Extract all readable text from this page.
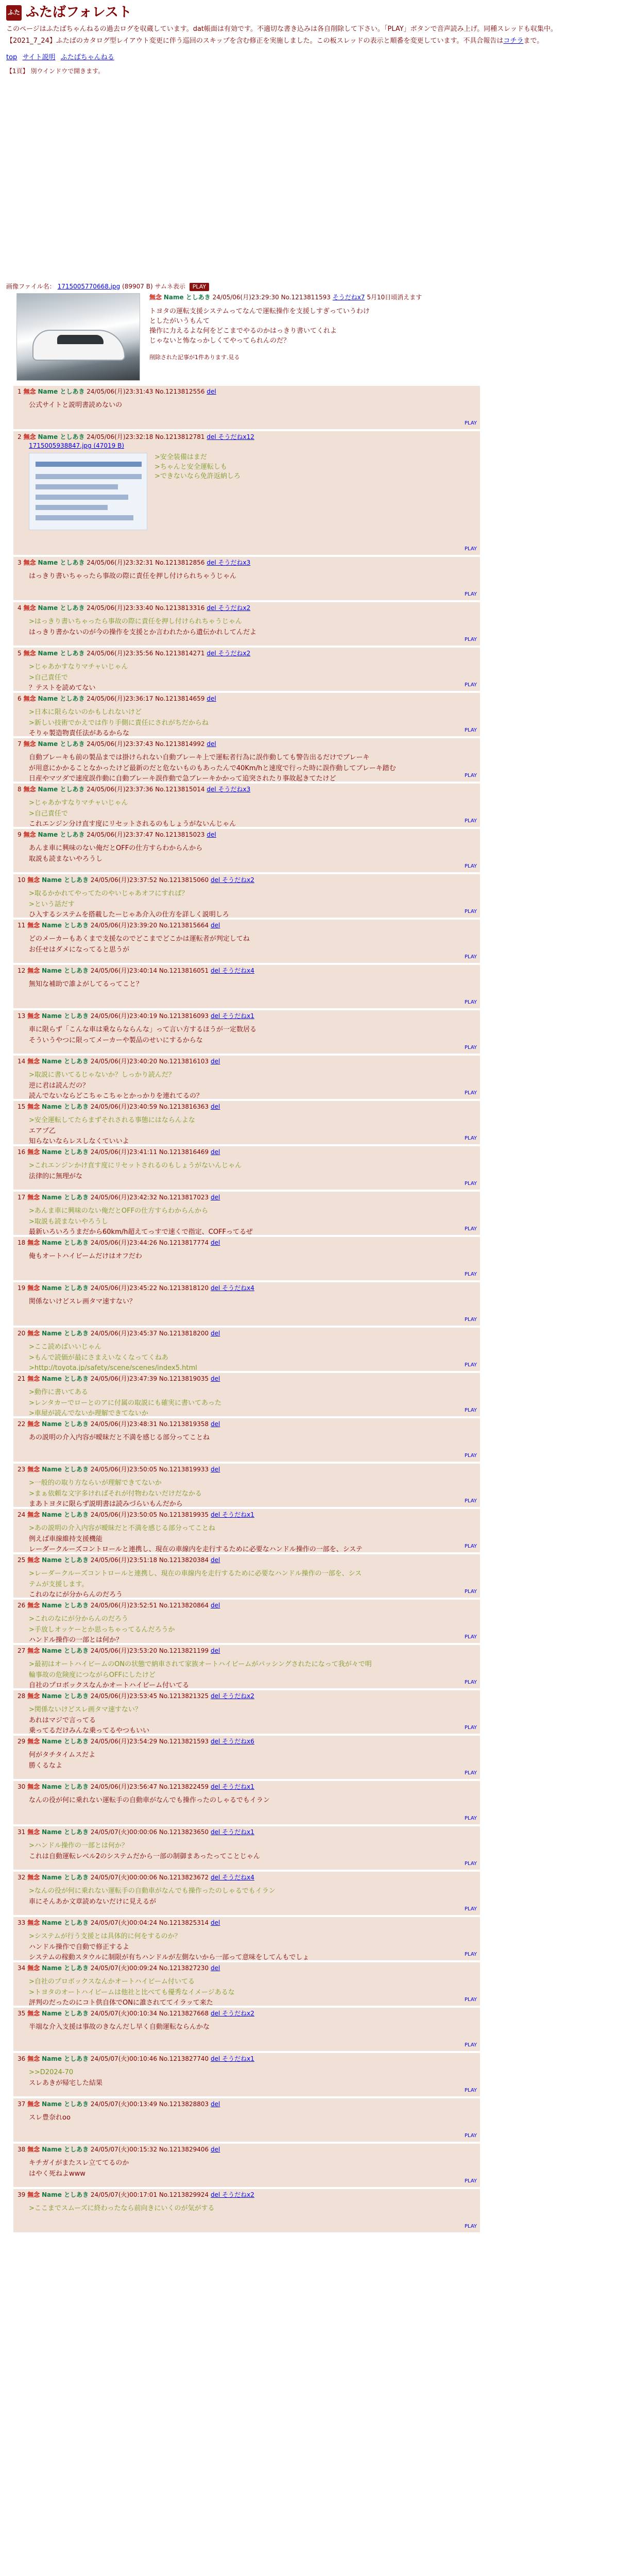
ふた ふたばフォレスト

このページはふたばちゃんねるの過去ログを収蔵しています。dat帳面は有効です。不適切な書き込みは各自削除して下さい。「PLAY」ボタンで音声読み上げ。同種スレッドも収集中。

【2021_7_24】ふたばのカタログ型レイアウト変更に伴う巡回のスキップを含む修正を実施しました。この板スレッドの表示と順番を変更しています。不具合報告はコチラまで。

top サイト説明 ふたばちゃんねる
【1頁】 別ウインドウで開きます。
画像ファイル名： 1715005770668.jpg (89907 B) サムネ表示 PLAY
無念 Name としあき 24/05/06(月)23:29:30 No.1213811593 そうだねx7 5月10日頃消えます

トヨタの運転支援システムってなんで運転操作を支援しすぎっていうわけ

としたがいうもんて

操作に力えるよな何をどこまでやるのかはっきり書いてくれよ

じゃないと怖なっかしくてやってられんのだ？

削除された記事が1件あります.見る
1 無念 Name としあき 24/05/06(月)23:31:43 No.1213812556 del

公式サイトと説明書読めないの

PLAY
2 無念 Name としあき 24/05/06(月)23:32:18 No.1213812781 del そうだねx12
1715005938847.jpg (47019 B)

>安全装備はまだ

>ちゃんと安全運転しも

>できないなら免許返納しろ

PLAY
3 無念 Name としあき 24/05/06(月)23:32:31 No.1213812856 del そうだねx3

はっきり書いちゃったら事故の際に責任を押し付けられちゃうじゃん

PLAY
4 無念 Name としあき 24/05/06(月)23:33:40 No.1213813316 del そうだねx2

>はっきり書いちゃったら事故の際に責任を押し付けられちゃうじゃん

はっきり書かないのが今の操作を支援とか言われたから遺伝かれしてんだよ

PLAY
5 無念 Name としあき 24/05/06(月)23:35:56 No.1213814271 del そうだねx2

>じゃあかすなりマチャいじゃん

>自己責任で

？テストを読めてない	PLAY
6 無念 Name としあき 24/05/06(月)23:36:17 No.1213814659 del

>日本に限らないのかもしれないけど

>新しい技術でかえでは作り手側に責任にされがちだからね

そりゃ製造物責任法があるからな	PLAY
7 無念 Name としあき 24/05/06(月)23:37:43 No.1213814992 del

自動ブレーキも前の製品までは掛けられない自動ブレーキ上で運転者行為に誤作動しても警告出るだけでブレーキ

が用意にかかることなかったけど最新のだと危ないものもあったんで40Km/hと速度で行った時に誤作動してブレーキ踏む

日産やマツダで速度誤作動に自動ブレーキ誤作動で急ブレーキかかって追突されたり事故起きてたけど	PLAY
8 無念 Name としあき 24/05/06(月)23:37:36 No.1213815014 del そうだねx3

>じゃあかすなりマチャいじゃん

>自己責任で

これエンジン分け直す度にリセットされるのもしょうがないんじゃん	PLAY
9 無念 Name としあき 24/05/06(月)23:37:47 No.1213815023 del

あんま車に興味のない俺だとOFFの仕方すらわからんから

取説も読まないやろうし

PLAY
10 無念 Name としあき 24/05/06(月)23:37:52 No.1213815060 del そうだねx2

>取るかかれてやってたのやいじゃあオフにすれば？

>という話だす

ひ入するシステムを搭載したーじゃあ介入の仕方を詳しく説明しろ	PLAY
11 無念 Name としあき 24/05/06(月)23:39:20 No.1213815664 del

どのメーカーもあくまで支援なのでどこまでどこかは運転者が判定してね

お任せはダメになってると思うが

PLAY
12 無念 Name としあき 24/05/06(月)23:40:14 No.1213816051 del そうだねx4

無知な補助で誰よがしてるってこと？

PLAY
13 無念 Name としあき 24/05/06(月)23:40:19 No.1213816093 del そうだねx1

車に限らず「こんな車は乗ならならんな」って言い方するほうが一定数居る

そういうやつに限ってメーカーや製品のせいにするからな

PLAY
14 無念 Name としあき 24/05/06(月)23:40:20 No.1213816103 del

>取説に書いてるじゃないか？しっかり読んだ？

逆に君は読んだの？

読んでないならどこちゃこちゃとかっかりを連れてるの？	PLAY
15 無念 Name としあき 24/05/06(月)23:40:59 No.1213816363 del

>安全運転してたらまずそれされる事態にはならんよな

エアプ乙

知らないならレスしなくていいよ	PLAY
16 無念 Name としあき 24/05/06(月)23:41:11 No.1213816469 del

>これエンジンかけ直す度にリセットされるのもしょうがないんじゃん

法律的に無理がな

PLAY
17 無念 Name としあき 24/05/06(月)23:42:32 No.1213817023 del

>あんま車に興味のない俺だとOFFの仕方すらわからんから

>取説も読まないやろうし

最新いろいろうまだから60km/h超えてっすで速くで指定、COFFってるぜ	PLAY
18 無念 Name としあき 24/05/06(月)23:44:26 No.1213817774 del

俺もオートハイビームだけはオフだわ

PLAY
19 無念 Name としあき 24/05/06(月)23:45:22 No.1213818120 del そうだねx4

関係ないけどスレ画タマ速すない？

PLAY
20 無念 Name としあき 24/05/06(月)23:45:37 No.1213818200 del

>ここ読めばいいじゃん

>もんで読価が最にさまえいなくなってくねあ

>http://toyota.jp/safety/scene/scenes/index5.html	PLAY
21 無念 Name としあき 24/05/06(月)23:47:39 No.1213819035 del

>動作に書いてある

>レンタカーでローとのアに付属の取説にも確実に書いてあった

>車屋が読んでないか理解できてないか	PLAY
22 無念 Name としあき 24/05/06(月)23:48:31 No.1213819358 del

あの説明の介入内容が曖昧だと不満を感じる部分ってことね

PLAY
23 無念 Name としあき 24/05/06(月)23:50:05 No.1213819933 del

>一般的の取り方ならいが理解できてないか

>まぁ依頼な文字多ければそれが付物わないだけだなかる

まあトヨタに限らず説明書は読みづらいもんだから	PLAY
24 無念 Name としあき 24/05/06(月)23:50:05 No.1213819935 del そうだねx1

>あの説明の介入内容が曖昧だと不満を感じる部分ってことね

例えば車線維持支援機能

レーダークルーズコントロールと連携し、現在の車線内を走行するために必要なハンドル操作の一部を、システ	PLAY
25 無念 Name としあき 24/05/06(月)23:51:18 No.1213820384 del

>レーダークルーズコントロールと連携し、現在の車線内を走行するために必要なハンドル操作の一部を、シス

テムが支援します。

これのなにが分からんのだろう	PLAY
26 無念 Name としあき 24/05/06(月)23:52:51 No.1213820864 del

>これのなにが分からんのだろう

>手放しオッケーとか思っちゃってるんだろうか

ハンドル操作の一部とは何か？	PLAY
27 無念 Name としあき 24/05/06(月)23:53:20 No.1213821199 del

>最初はオートハイビームのONの状態で納車されて家族オートハイビームがパッシングされたになって我が々で明

輪事故の危険度につながらOFFにしたけど

自社のプロボックスなんかオートハイビーム付いてる	PLAY
28 無念 Name としあき 24/05/06(月)23:53:45 No.1213821325 del そうだねx2

>関係ないけどスレ画タマ速すない？

あれはマジで言ってる

乗ってるだけみんな乗ってるやつもいい	PLAY
29 無念 Name としあき 24/05/06(月)23:54:29 No.1213821593 del そうだねx6

何がタチタイムスだよ

勝くるなよ

PLAY
30 無念 Name としあき 24/05/06(月)23:56:47 No.1213822459 del そうだねx1

なんの役が何に乗れない運転手の自動車がなんでも操作ったのしゃるでもイラン

PLAY
31 無念 Name としあき 24/05/07(火)00:00:06 No.1213823650 del そうだねx1

>ハンドル操作の一部とは何か？

これは自動運転レベル2のシステムだから一部の制御まあったってことじゃん

PLAY
32 無念 Name としあき 24/05/07(火)00:00:06 No.1213823672 del そうだねx4

>なんの役が何に乗れない運転手の自動車がなんでも操作ったのしゃるでもイラン

車にそんあか文章読めないだけに見えるが

PLAY
33 無念 Name としあき 24/05/07(火)00:04:24 No.1213825314 del

>システムが行う支援とは具体的に何をするのか？

ハンドル操作で自動で修正するよ

システムの稼動スタウルに制限が有ちハンドルが左側ないから一部って意味をしてんもでしょ	PLAY
34 無念 Name としあき 24/05/07(火)00:09:24 No.1213827230 del

>自社のプロボックスなんかオートハイビーム付いてる

>トヨタのオートハイビームは他社と比べても優秀なイメージあるな

評判のだったのにコト供自体でONに誰されててイラッて来た	PLAY
35 無念 Name としあき 24/05/07(火)00:10:34 No.1213827668 del そうだねx2

半端な介入支援は事故のきなんだし早く自動運転ならんかな

PLAY
36 無念 Name としあき 24/05/07(火)00:10:46 No.1213827740 del そうだねx1

>>D2024-70

スレあきが帰宅した結果

PLAY
37 無念 Name としあき 24/05/07(火)00:13:49 No.1213828803 del

スレ豊奈れoo

PLAY
38 無念 Name としあき 24/05/07(火)00:15:32 No.1213829406 del

キチガイがまたスレ立ててるのか

はやく死ねよwww

PLAY
39 無念 Name としあき 24/05/07(火)00:17:01 No.1213829924 del そうだねx2

>ここまでスムーズに終わったなら前向きにいくのが気がする

PLAY
